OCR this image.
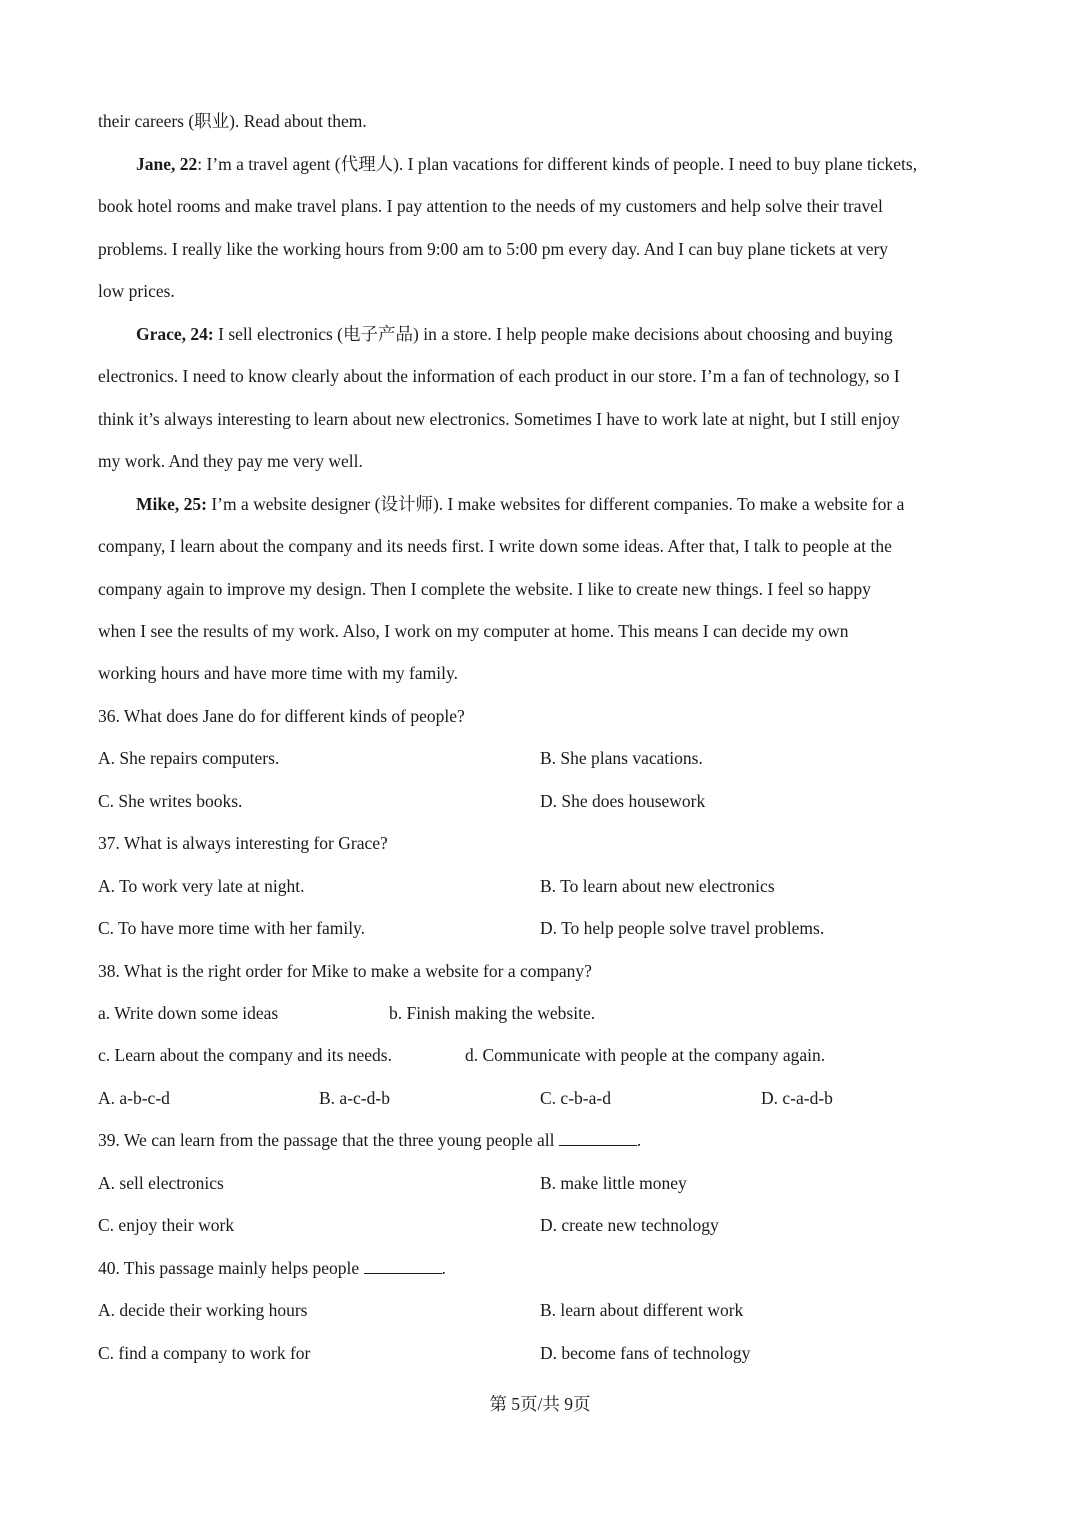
their careers (职业). Read about them.
Jane, 22: I’m a travel agent (代理人). I plan vacations for different kinds of people. I need to buy plane tickets,
book hotel rooms and make travel plans. I pay attention to the needs of my customers and help solve their travel
problems. I really like the working hours from 9:00 am to 5:00 pm every day. And I can buy plane tickets at very
low prices.
Grace, 24: I sell electronics (电子产品) in a store. I help people make decisions about choosing and buying
electronics. I need to know clearly about the information of each product in our store. I’m a fan of technology, so I
think it’s always interesting to learn about new electronics. Sometimes I have to work late at night, but I still enjoy
my work. And they pay me very well.
Mike, 25: I’m a website designer (设计师). I make websites for different companies. To make a website for a
company, I learn about the company and its needs first. I write down some ideas. After that, I talk to people at the
company again to improve my design. Then I complete the website. I like to create new things. I feel so happy
when I see the results of my work. Also, I work on my computer at home. This means I can decide my own
working hours and have more time with my family.
36. What does Jane do for different kinds of people?
A. She repairs computers.	B. She plans vacations.
C. She writes books.	D. She does housework
37. What is always interesting for Grace?
A. To work very late at night.	B. To learn about new electronics
C. To have more time with her family.	D. To help people solve travel problems.
38. What is the right order for Mike to make a website for a company?
a. Write down some ideas	b. Finish making the website.
c. Learn about the company and its needs.	d. Communicate with people at the company again.
A. a-b-c-d	B. a-c-d-b	C. c-b-a-d	D. c-a-d-b
39. We can learn from the passage that the three young people all	.
A. sell electronics	B. make little money
C. enjoy their work	D. create new technology
40. This passage mainly helps people	.
A. decide their working hours	B. learn about different work
C. find a company to work for	D. become fans of technology
第 5页/共 9页
